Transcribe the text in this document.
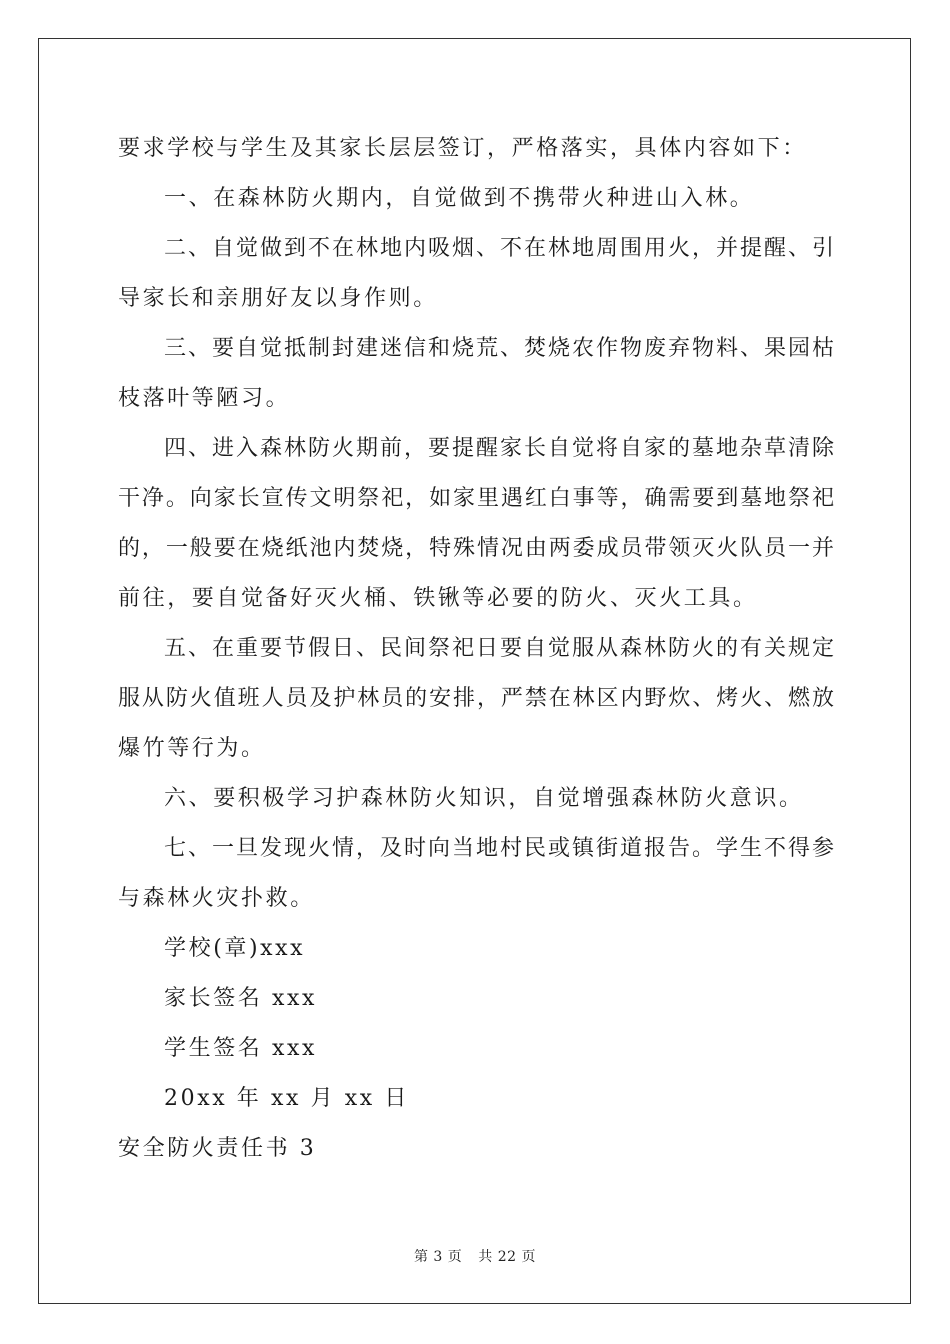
要求学校与学生及其家长层层签订，严格落实，具体内容如下：
一、在森林防火期内，自觉做到不携带火种进山入林。
二、自觉做到不在林地内吸烟、不在林地周围用火，并提醒、引
导家长和亲朋好友以身作则。
三、要自觉抵制封建迷信和烧荒、焚烧农作物废弃物料、果园枯
枝落叶等陋习。
四、进入森林防火期前，要提醒家长自觉将自家的墓地杂草清除
干净。向家长宣传文明祭祀，如家里遇红白事等，确需要到墓地祭祀
的，一般要在烧纸池内焚烧，特殊情况由两委成员带领灭火队员一并
前往，要自觉备好灭火桶、铁锹等必要的防火、灭火工具。
五、在重要节假日、民间祭祀日要自觉服从森林防火的有关规定
服从防火值班人员及护林员的安排，严禁在林区内野炊、烤火、燃放
爆竹等行为。
六、要积极学习护森林防火知识，自觉增强森林防火意识。
七、一旦发现火情，及时向当地村民或镇街道报告。学生不得参
与森林火灾扑救。
学校(章)xxx
家长签名 xxx
学生签名 xxx
20xx 年 xx 月 xx 日
安全防火责任书 3
第 3 页 共 22 页
